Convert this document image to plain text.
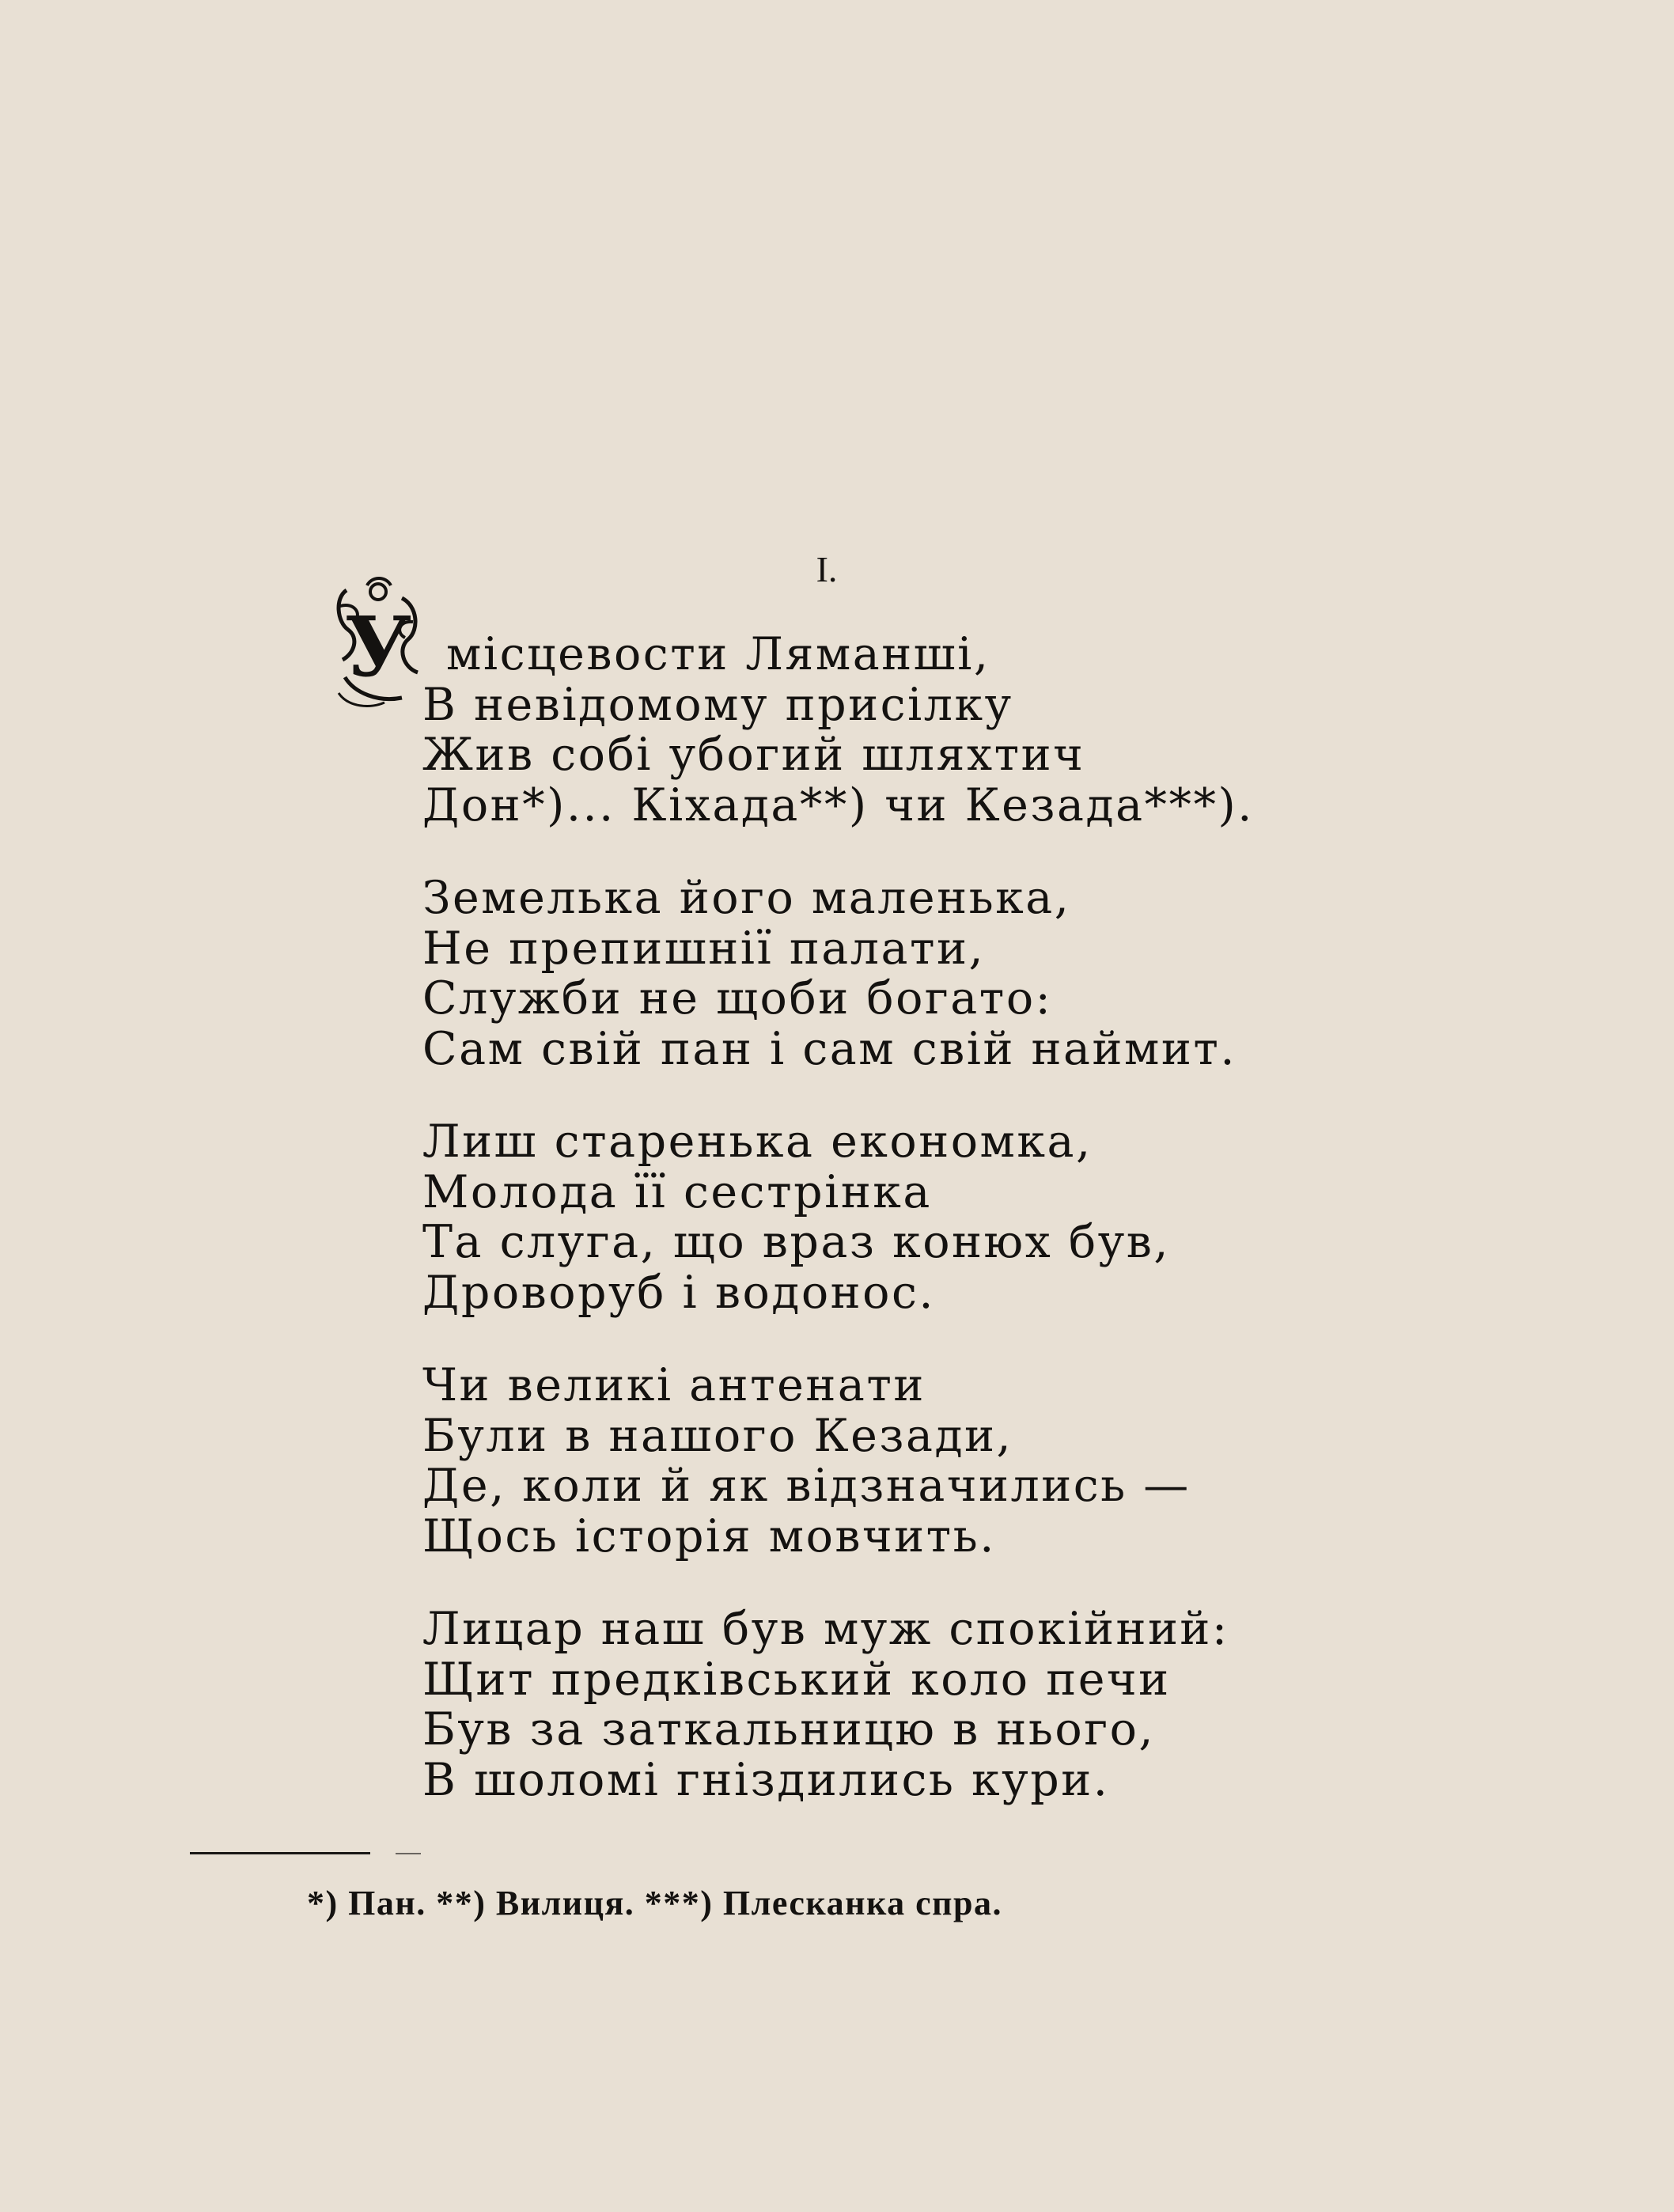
I.
У місцевости Ляманші,
В невідомому присілку
Жив собі убогий шляхтич
Дон*)... Кіхада**) чи Кезада***).
Земелька його маленька,
Не препишнії палати,
Служби не щоби богато:
Сам свій пан і сам свій наймит.
Лиш старенька економка,
Молода її сестрінка
Та слуга, що враз конюх був,
Дроворуб і водонос.
Чи великі антенати
Були в нашого Кезади,
Де, коли й як відзначились —
Щось історія мовчить.
Лицар наш був муж спокійний:
Щит предківський коло печи
Був за заткальницю в нього,
В шоломі гніздились кури.
*) Пан. **) Вилиця. ***) Плесканка спра.
